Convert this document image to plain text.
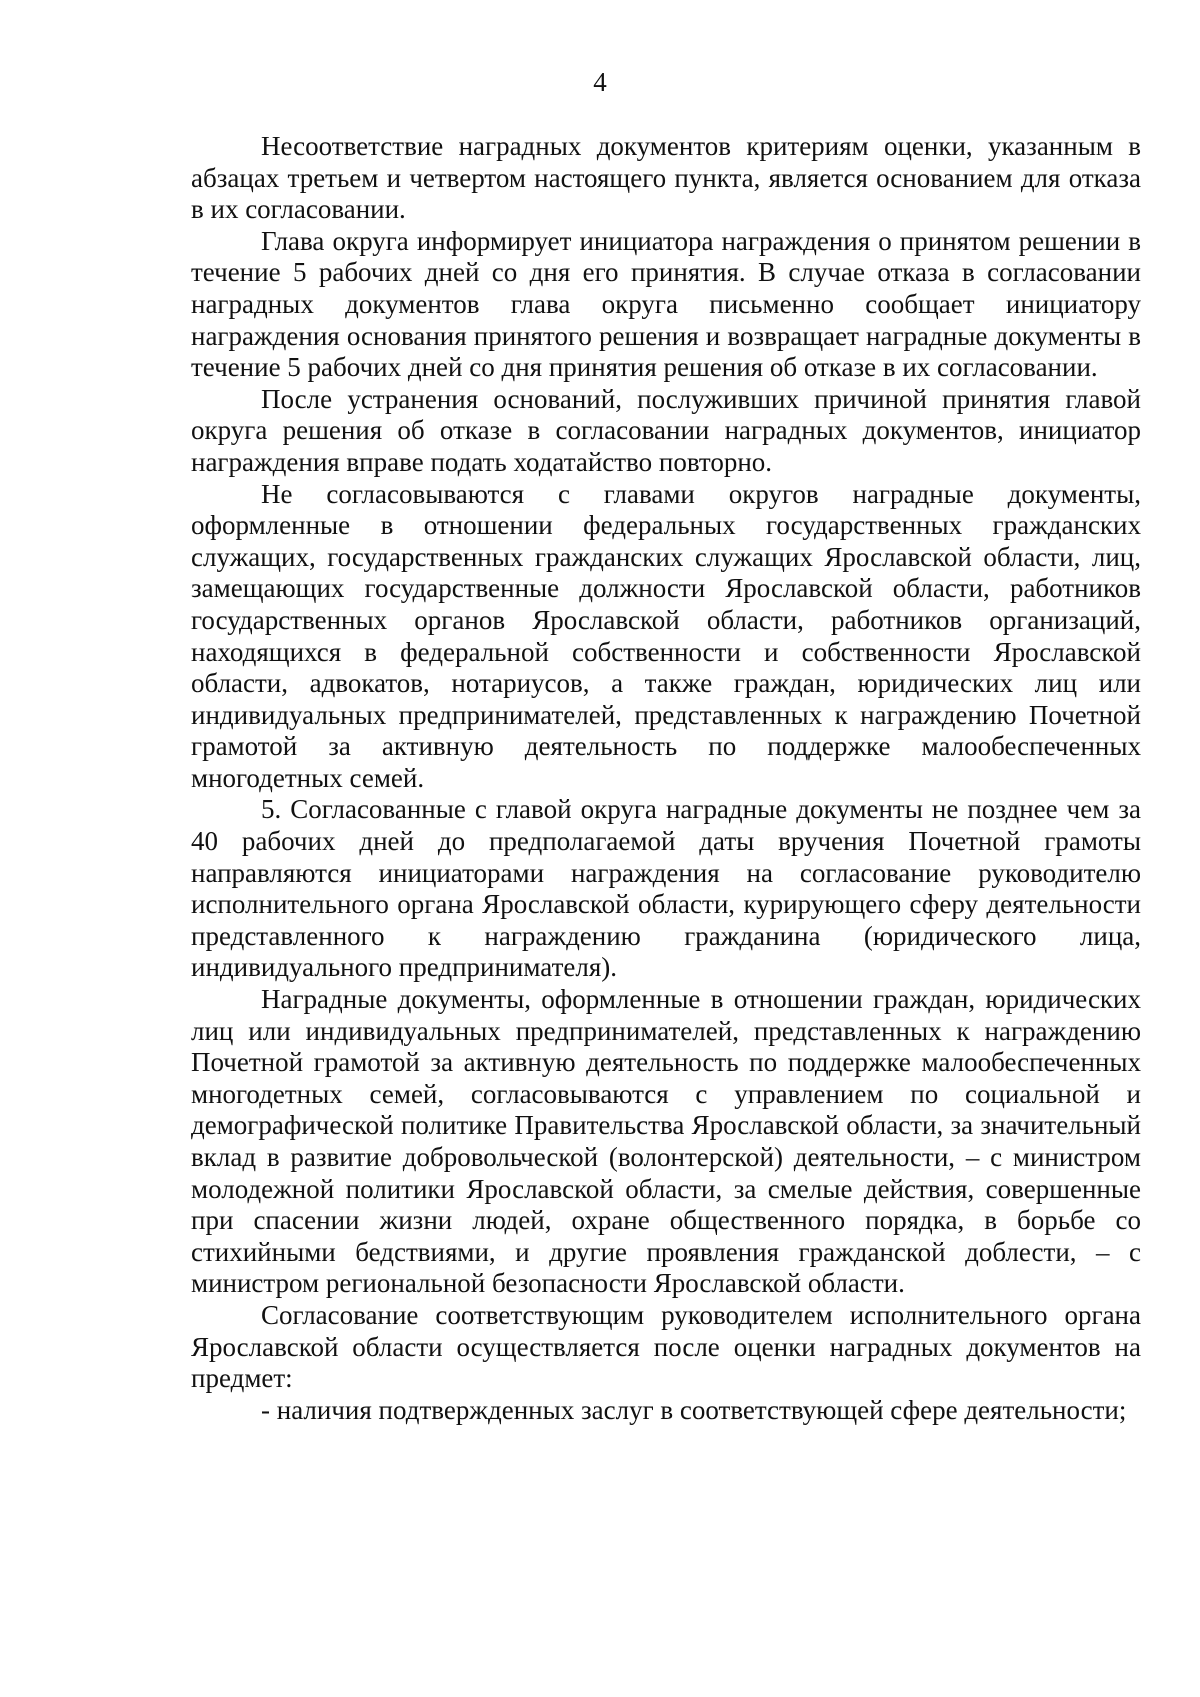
4

Несоответствие наградных документов критериям оценки, указанным в абзацах третьем и четвертом настоящего пункта, является основанием для отказа в их согласовании.

Глава округа информирует инициатора награждения о принятом решении в течение 5 рабочих дней со дня его принятия. В случае отказа в согласовании наградных документов глава округа письменно сообщает инициатору награждения основания принятого решения и возвращает наградные документы в течение 5 рабочих дней со дня принятия решения об отказе в их согласовании.

После устранения оснований, послуживших причиной принятия главой округа решения об отказе в согласовании наградных документов, инициатор награждения вправе подать ходатайство повторно.

Не согласовываются с главами округов наградные документы, оформленные в отношении федеральных государственных гражданских служащих, государственных гражданских служащих Ярославской области, лиц, замещающих государственные должности Ярославской области, работников государственных органов Ярославской области, работников организаций, находящихся в федеральной собственности и собственности Ярославской области, адвокатов, нотариусов, а также граждан, юридических лиц или индивидуальных предпринимателей, представленных к награждению Почетной грамотой за активную деятельность по поддержке малообеспеченных многодетных семей.

5. Согласованные с главой округа наградные документы не позднее чем за 40 рабочих дней до предполагаемой даты вручения Почетной грамоты направляются инициаторами награждения на согласование руководителю исполнительного органа Ярославской области, курирующего сферу деятельности представленного к награждению гражданина (юридического лица, индивидуального предпринимателя).

Наградные документы, оформленные в отношении граждан, юридических лиц или индивидуальных предпринимателей, представленных к награждению Почетной грамотой за активную деятельность по поддержке малообеспеченных многодетных семей, согласовываются с управлением по социальной и демографической политике Правительства Ярославской области, за значительный вклад в развитие добровольческой (волонтерской) деятельности, – с министром молодежной политики Ярославской области, за смелые действия, совершенные при спасении жизни людей, охране общественного порядка, в борьбе со стихийными бедствиями, и другие проявления гражданской доблести, – с министром региональной безопасности Ярославской области.

Согласование соответствующим руководителем исполнительного органа Ярославской области осуществляется после оценки наградных документов на предмет:

- наличия подтвержденных заслуг в соответствующей сфере деятельности;
